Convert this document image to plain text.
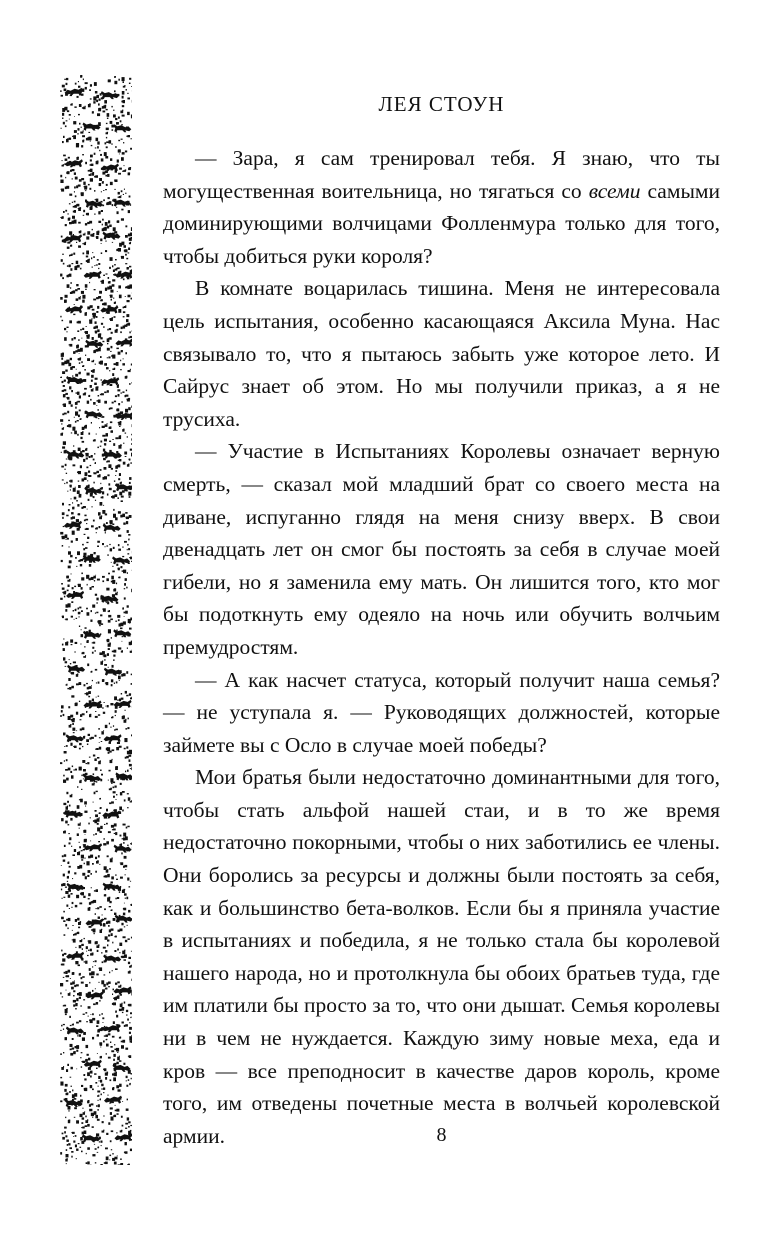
ЛЕЯ СТОУН

— Зара, я сам тренировал тебя. Я знаю, что ты могущественная воительница, но тягаться со всеми самыми доминирующими волчицами Фолленмура только для того, чтобы добиться руки короля?

В комнате воцарилась тишина. Меня не интересовала цель испытания, особенно касающаяся Аксила Муна. Нас связывало то, что я пытаюсь забыть уже которое лето. И Сайрус знает об этом. Но мы получили приказ, а я не трусиха.

— Участие в Испытаниях Королевы означает верную смерть, — сказал мой младший брат со своего места на диване, испуганно глядя на меня снизу вверх. В свои двенадцать лет он смог бы постоять за себя в случае моей гибели, но я заменила ему мать. Он лишится того, кто мог бы подоткнуть ему одеяло на ночь или обучить волчьим премудростям.

— А как насчет статуса, который получит наша семья? — не уступала я. — Руководящих должностей, которые займете вы с Осло в случае моей победы?

Мои братья были недостаточно доминантными для того, чтобы стать альфой нашей стаи, и в то же время недостаточно покорными, чтобы о них заботились ее члены. Они боролись за ресурсы и должны были постоять за себя, как и большинство бета-волков. Если бы я приняла участие в испытаниях и победила, я не только стала бы королевой нашего народа, но и протолкнула бы обоих братьев туда, где им платили бы просто за то, что они дышат. Семья королевы ни в чем не нуждается. Каждую зиму новые меха, еда и кров — все преподносит в качестве даров король, кроме того, им отведены почетные места в волчьей королевской армии.	8
